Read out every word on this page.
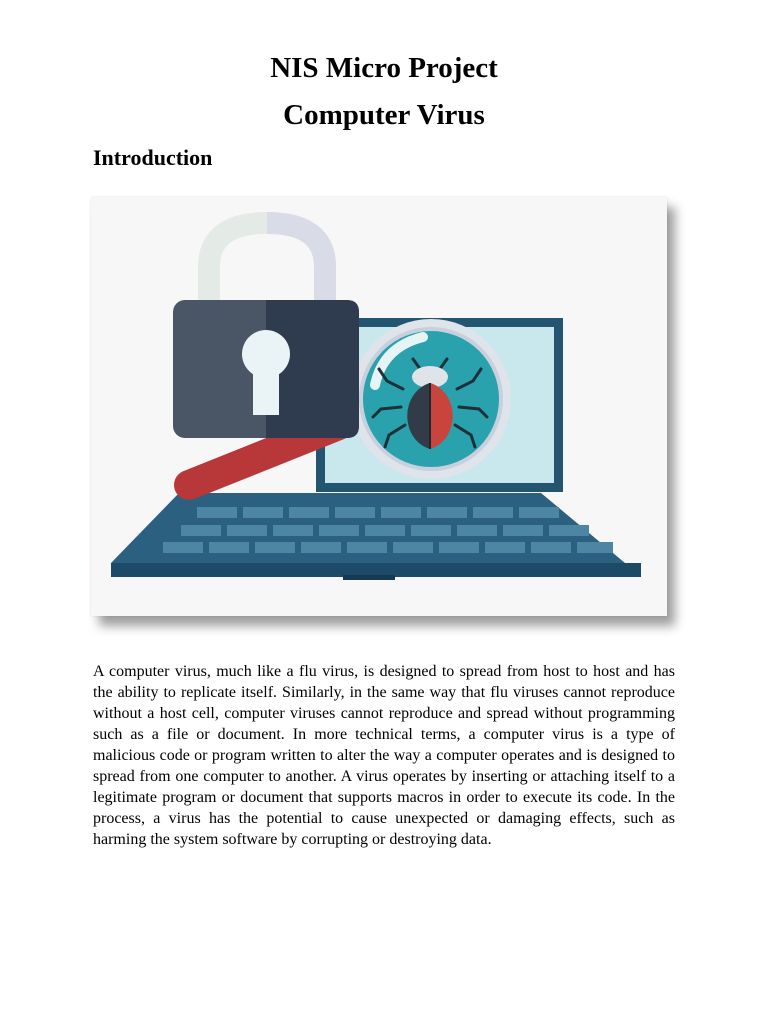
NIS Micro Project
Computer Virus
Introduction

A computer virus, much like a flu virus, is designed to spread from host to host and has the ability to replicate itself. Similarly, in the same way that flu viruses cannot reproduce without a host cell, computer viruses cannot reproduce and spread without programming such as a file or document. In more technical terms, a computer virus is a type of malicious code or program written to alter the way a computer operates and is designed to spread from one computer to another. A virus operates by inserting or attaching itself to a legitimate program or document that supports macros in order to execute its code. In the process, a virus has the potential to cause unexpected or damaging effects, such as harming the system software by corrupting or destroying data.
